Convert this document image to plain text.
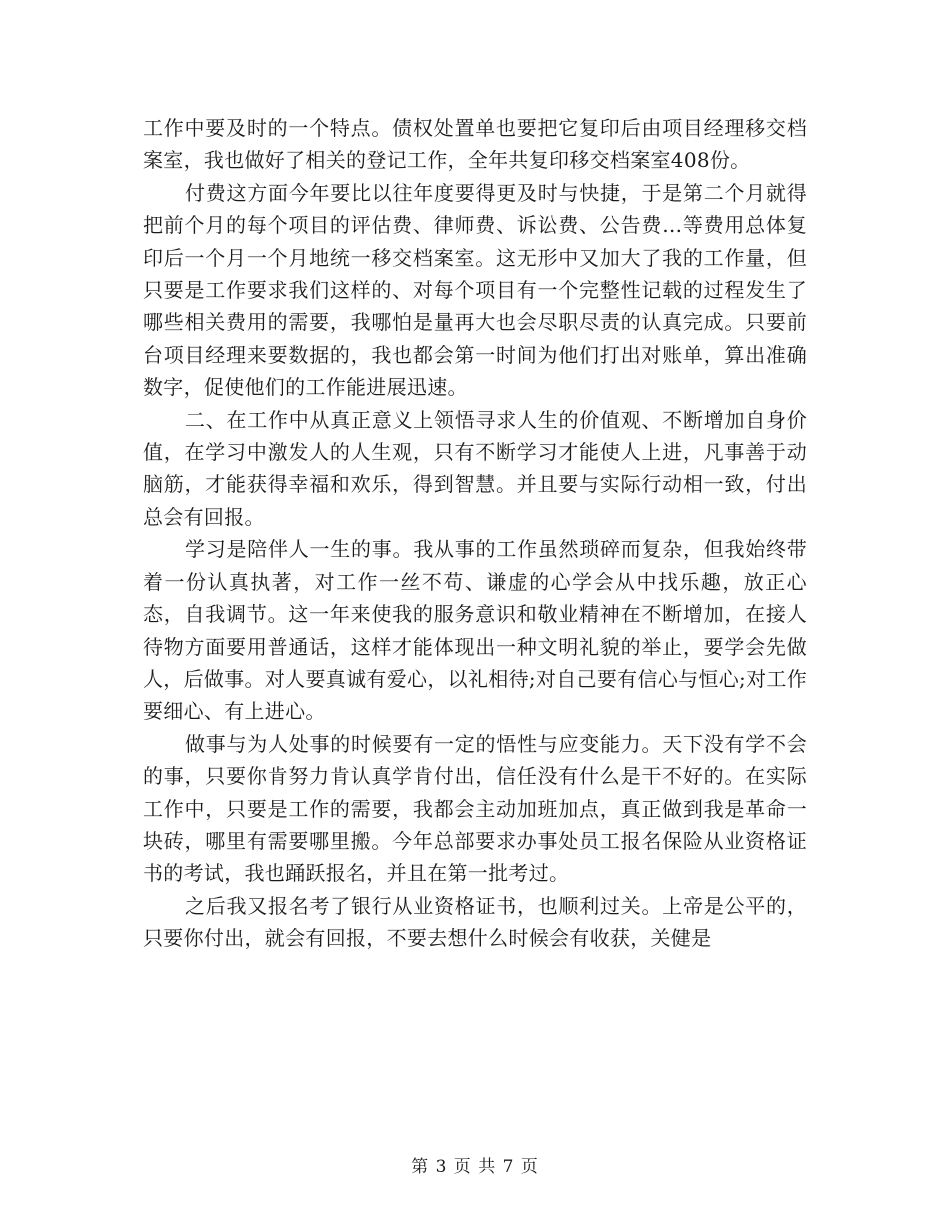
工作中要及时的一个特点。债权处置单也要把它复印后由项目经理移交档案室，我也做好了相关的登记工作，全年共复印移交档案室408份。

付费这方面今年要比以往年度要得更及时与快捷，于是第二个月就得把前个月的每个项目的评估费、律师费、诉讼费、公告费…等费用总体复印后一个月一个月地统一移交档案室。这无形中又加大了我的工作量，但只要是工作要求我们这样的、对每个项目有一个完整性记载的过程发生了哪些相关费用的需要，我哪怕是量再大也会尽职尽责的认真完成。只要前台项目经理来要数据的，我也都会第一时间为他们打出对账单，算出准确数字，促使他们的工作能进展迅速。

二、在工作中从真正意义上领悟寻求人生的价值观、不断增加自身价值，在学习中激发人的人生观，只有不断学习才能使人上进，凡事善于动脑筋，才能获得幸福和欢乐，得到智慧。并且要与实际行动相一致，付出总会有回报。

学习是陪伴人一生的事。我从事的工作虽然琐碎而复杂，但我始终带着一份认真执著，对工作一丝不苟、谦虚的心学会从中找乐趣，放正心态，自我调节。这一年来使我的服务意识和敬业精神在不断增加，在接人待物方面要用普通话，这样才能体现出一种文明礼貌的举止，要学会先做人，后做事。对人要真诚有爱心，以礼相待;对自己要有信心与恒心;对工作要细心、有上进心。

做事与为人处事的时候要有一定的悟性与应变能力。天下没有学不会的事，只要你肯努力肯认真学肯付出，信任没有什么是干不好的。在实际工作中，只要是工作的需要，我都会主动加班加点，真正做到我是革命一块砖，哪里有需要哪里搬。今年总部要求办事处员工报名保险从业资格证书的考试，我也踊跃报名，并且在第一批考过。

之后我又报名考了银行从业资格证书，也顺利过关。上帝是公平的，只要你付出，就会有回报，不要去想什么时候会有收获，关健是

第 3 页 共 7 页
